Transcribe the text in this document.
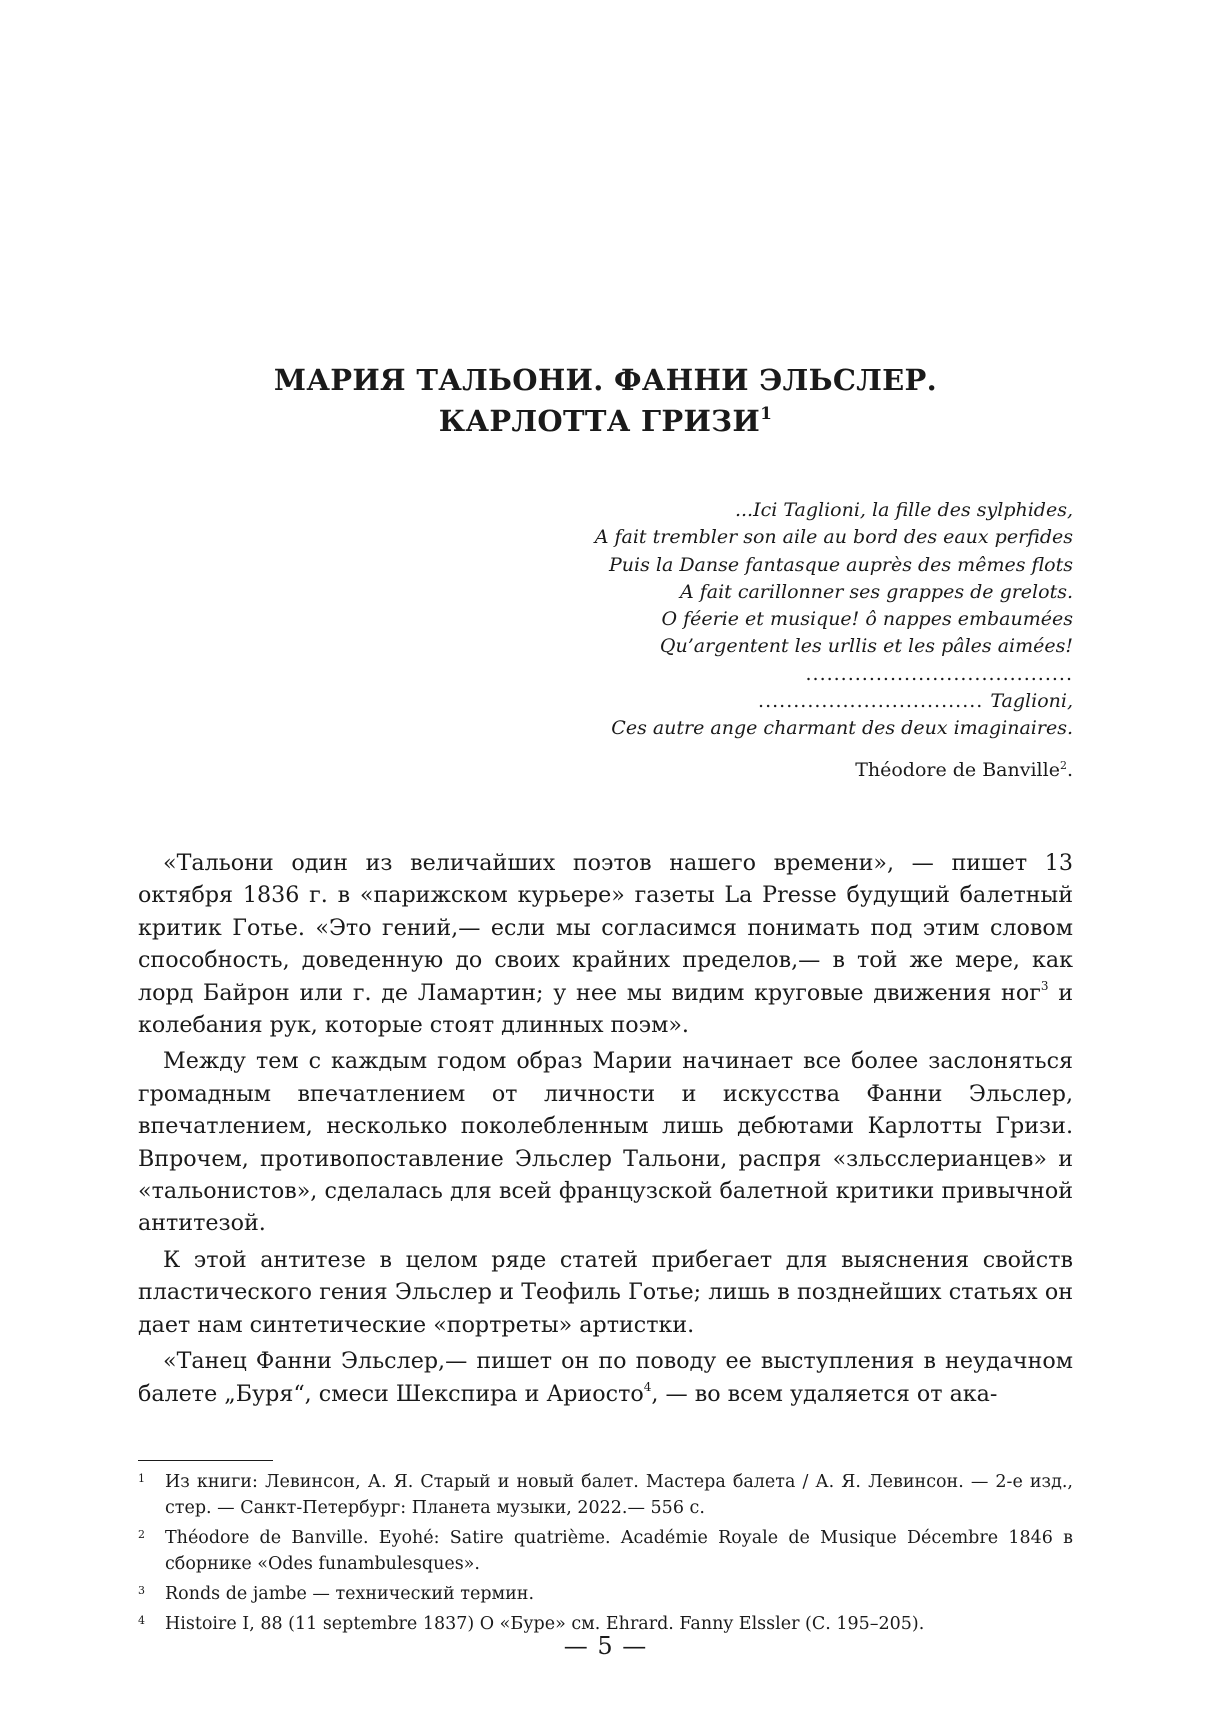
МАРИЯ ТАЛЬОНИ. ФАННИ ЭЛЬСЛЕР.
КАРЛОТТА ГРИЗИ$^1$
...Ici Taglioni, la fille des sylphides,
A fait trembler son aile au bord des eaux perfides
Puis la Danse fantasque auprès des mêmes flots
A fait carillonner ses grappes de grelots.
O féerie et musique! ô nappes embaumées
Qu’argentent les urllis et les pâles aimées!
......................................
................................ Taglioni,
Ces autre ange charmant des deux imaginaires.
Théodore de Banville$^2$.

«Тальони один из величайших поэтов нашего времени», — пишет 13 октября 1836 г. в «парижском курьере» газеты La Presse будущий балетный критик Готье. «Это гений,— если мы согласимся понимать под этим словом способность, доведенную до своих крайних пределов,— в той же мере, как лорд Байрон или г. де Ламартин; у нее мы видим круговые движения ног$^3$ и колебания рук, которые стоят длинных поэм».

Между тем с каждым годом образ Марии начинает все более заслоняться громадным впечатлением от личности и искусства Фанни Эльслер, впечатлением, несколько поколебленным лишь дебютами Карлотты Гризи. Впрочем, противопоставление Эльслер Тальони, распря «зльсслерианцев» и «тальонистов», сделалась для всей французской балетной критики привычной антитезой.

К этой антитезе в целом ряде статей прибегает для выяснения свойств пластического гения Эльслер и Теофиль Готье; лишь в позднейших статьях он дает нам синтетические «портреты» артистки.

«Танец Фанни Эльслер,— пишет он по поводу ее выступления в неудачном балете „Буря“, смеси Шекспира и Ариосто$^4$, — во всем удаляется от ака-

1 Из книги: Левинсон, А. Я. Старый и новый балет. Мастера балета / А. Я. Левинсон. — 2-е изд., стер. — Санкт-Петербург: Планета музыки, 2022.— 556 с.
2 Théodore de Banville. Eyohé: Satire quatrième. Académie Royale de Musique Décembre 1846 в сборнике «Odes funambulesques».
3 Ronds de jambe — технический термин.
4 Histoire I, 88 (11 septembre 1837) О «Буре» см. Ehrard. Fanny Elssler (С. 195–205).
— 5 —
